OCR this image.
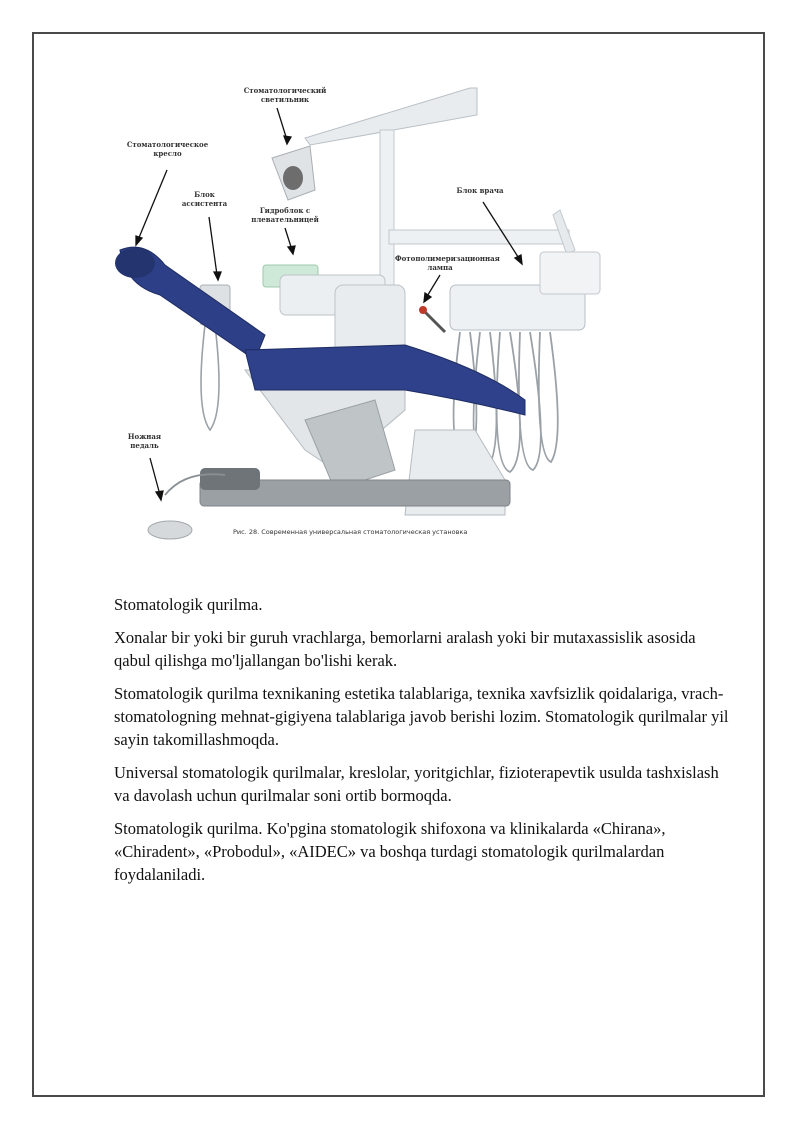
Стоматологический светильник
Стоматологическое кресло
Блок ассистента
Гидроблок с плевательницей
Блок врача
Фотополимеризационная лампа
Ножная педаль
Рис. 28. Современная универсальная стоматологическая установка

Stomatologik qurilma.

Xonalar bir yoki bir guruh vrachlarga, bemorlarni aralash yoki bir mutaxassislik asosida qabul qilishga mo'ljallangan bo'lishi kerak.

Stomatologik qurilma texnikaning estetika talablariga, texnika xavfsizlik qoidalariga, vrach-stomatologning mehnat-gigiyena talablariga javob berishi lozim. Stomatologik qurilmalar yil sayin takomillashmoqda.

Universal stomatologik qurilmalar, kreslolar, yoritgichlar, fizioterapevtik usulda tashxislash va davolash uchun qurilmalar soni ortib bormoqda.

Stomatologik qurilma. Ko'pgina stomatologik shifoxona va klinikalarda «Chirana», «Chiradent», «Probodul», «AIDEC» va boshqa turdagi stomatologik qurilmalardan foydalaniladi.
